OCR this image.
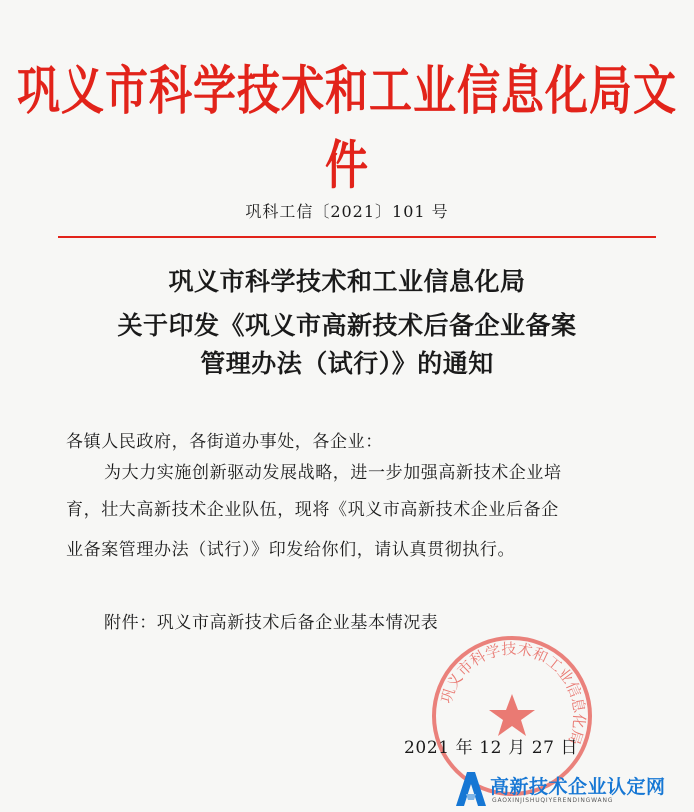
巩义市科学技术和工业信息化局文件
巩科工信〔2021〕101 号
巩义市科学技术和工业信息化局
关于印发《巩义市高新技术后备企业备案
管理办法（试行）》的通知
各镇人民政府，各街道办事处，各企业：
为大力实施创新驱动发展战略，进一步加强高新技术企业培
育，壮大高新技术企业队伍，现将《巩义市高新技术企业后备企
业备案管理办法（试行）》印发给你们，请认真贯彻执行。
附件：巩义市高新技术后备企业基本情况表
巩义市科学技术和工业信息化局
2021 年 12 月 27 日
高新技术企业认定网
GAOXINJISHUQIYERENDINGWANG
